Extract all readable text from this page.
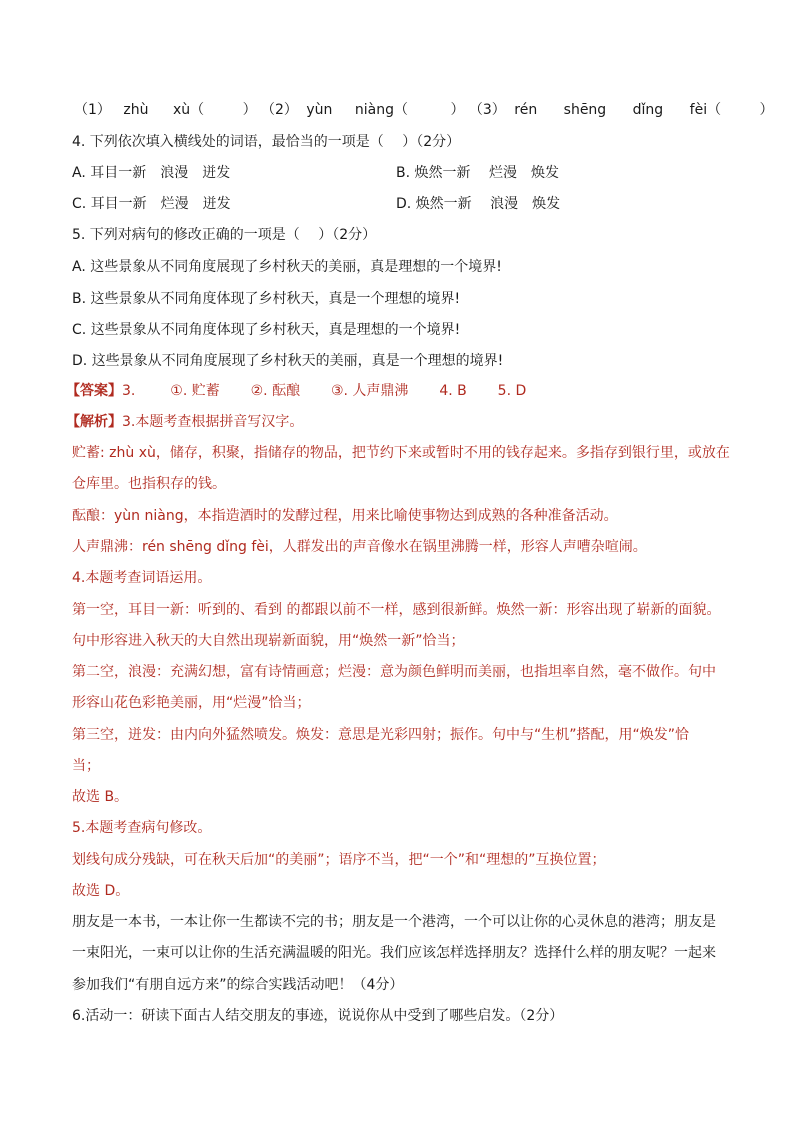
（1） zhù xù（	） （2） yùn niàng（	） （3） rén shēng dǐng fèi（	）
4. 下列依次填入横线处的词语，最恰当的一项是（　 ）（2分）
A. 耳目一新　浪漫　迸发	B. 焕然一新　 烂漫　焕发
C. 耳目一新　烂漫　迸发	D. 焕然一新　 浪漫　焕发
5. 下列对病句的修改正确的一项是（　 ）（2分）
A. 这些景象从不同角度展现了乡村秋天的美丽，真是理想的一个境界!
B. 这些景象从不同角度体现了乡村秋天，真是一个理想的境界!
C. 这些景象从不同角度体现了乡村秋天，真是理想的一个境界!
D. 这些景象从不同角度展现了乡村秋天的美丽，真是一个理想的境界!
【答案】3. ①. 贮蓄 ②. 酝酿 ③. 人声鼎沸 4. B 5. D
【解析】3.本题考查根据拼音写汉字。
贮蓄: zhù xù，储存，积聚，指储存的物品，把节约下来或暂时不用的钱存起来。多指存到银行里，或放在
仓库里。也指积存的钱。
酝酿：yùn niàng，本指造酒时的发酵过程，用来比喻使事物达到成熟的各种准备活动。
人声鼎沸：rén shēng dǐng fèi，人群发出的声音像水在锅里沸腾一样，形容人声嘈杂喧闹。
4.本题考查词语运用。
第一空，耳目一新：听到的、看到 的都跟以前不一样，感到很新鲜。焕然一新：形容出现了崭新的面貌。
句中形容进入秋天的大自然出现崭新面貌，用“焕然一新”恰当；
第二空，浪漫：充满幻想，富有诗情画意；烂漫：意为颜色鲜明而美丽，也指坦率自然，毫不做作。句中
形容山花色彩艳美丽，用“烂漫”恰当；
第三空，迸发：由内向外猛然喷发。焕发：意思是光彩四射；振作。句中与“生机”搭配，用“焕发”恰
当；
故选 B。
5.本题考查病句修改。
划线句成分残缺，可在秋天后加“的美丽”；语序不当，把“一个”和“理想的”互换位置；
故选 D。
朋友是一本书，一本让你一生都读不完的书；朋友是一个港湾，一个可以让你的心灵休息的港湾；朋友是
一束阳光，一束可以让你的生活充满温暖的阳光。我们应该怎样选择朋友？选择什么样的朋友呢？一起来
参加我们“有朋自远方来”的综合实践活动吧！（4分）
6.活动一：研读下面古人结交朋友的事迹，说说你从中受到了哪些启发。（2分）
